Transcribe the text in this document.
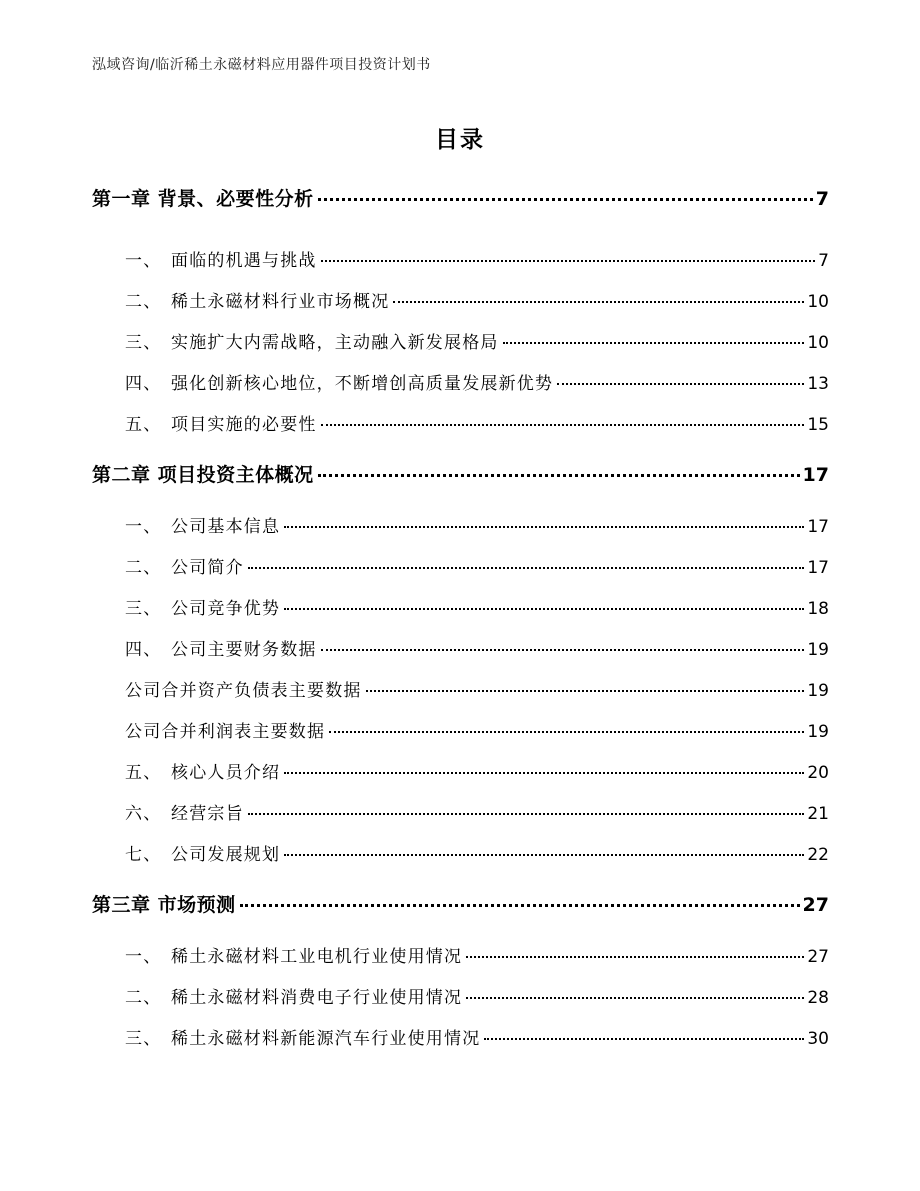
泓域咨询/临沂稀土永磁材料应用器件项目投资计划书
目录
第一章 背景、必要性分析	7
一、 面临的机遇与挑战	7
二、 稀土永磁材料行业市场概况	10
三、 实施扩大内需战略，主动融入新发展格局	10
四、 强化创新核心地位，不断增创高质量发展新优势	13
五、 项目实施的必要性	15
第二章 项目投资主体概况	17
一、 公司基本信息	17
二、 公司简介	17
三、 公司竞争优势	18
四、 公司主要财务数据	19
公司合并资产负债表主要数据	19
公司合并利润表主要数据	19
五、 核心人员介绍	20
六、 经营宗旨	21
七、 公司发展规划	22
第三章 市场预测	27
一、 稀土永磁材料工业电机行业使用情况	27
二、 稀土永磁材料消费电子行业使用情况	28
三、 稀土永磁材料新能源汽车行业使用情况	30
